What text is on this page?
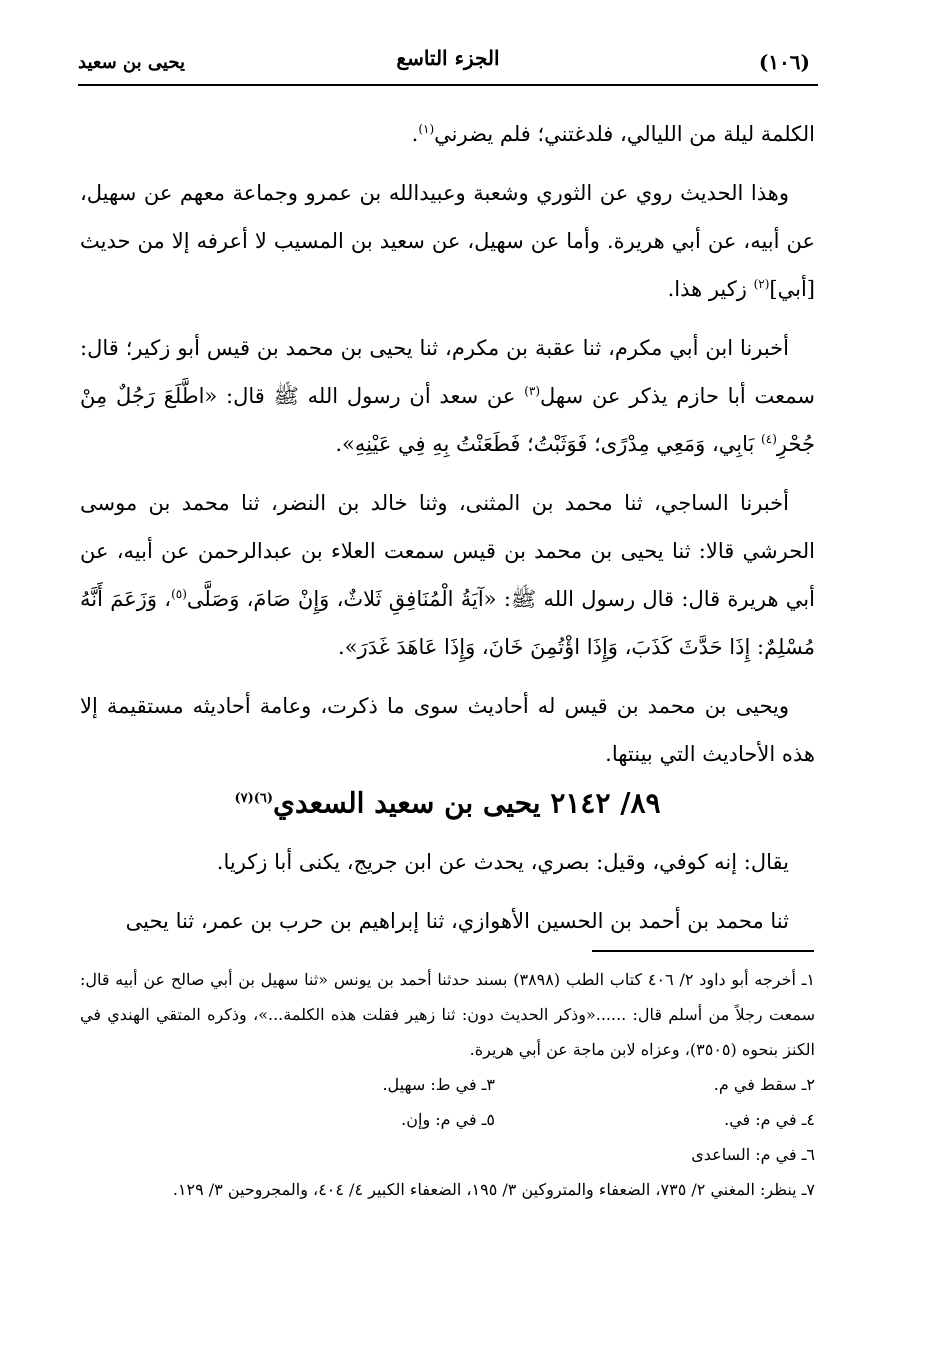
(١٠٦)
الجزء التاسع
يحيى بن سعيد

الكلمة ليلة من الليالي، فلدغتني؛ فلم يضرني$^{(١)}$.

وهذا الحديث روي عن الثوري وشعبة وعبيدالله بن عمرو وجماعة معهم عن سهيل، عن أبيه، عن أبي هريرة. وأما عن سهيل، عن سعيد بن المسيب لا أعرفه إلا من حديث [أبي]$^{(٢)}$ زكير هذا.

أخبرنا ابن أبي مكرم، ثنا عقبة بن مكرم، ثنا يحيى بن محمد بن قيس أبو زكير؛ قال: سمعت أبا حازم يذكر عن سهل$^{(٣)}$ عن سعد أن رسول الله ﷺ قال: «اطَّلَعَ رَجُلٌ مِنْ جُحْرِ$^{(٤)}$ بَابِي، وَمَعِي مِدْرًى؛ فَوَثَبْتُ؛ فَطَعَنْتُ بِهِ فِي عَيْنِهِ».

أخبرنا الساجي، ثنا محمد بن المثنى، وثنا خالد بن النضر، ثنا محمد بن موسى الحرشي قالا: ثنا يحيى بن محمد بن قيس سمعت العلاء بن عبدالرحمن عن أبيه، عن أبي هريرة قال: قال رسول الله ﷺ: «آيَةُ الْمُنَافِقِ ثَلاثٌ، وَإِنْ صَامَ، وَصَلَّى$^{(٥)}$، وَزَعَمَ أَنَّهُ مُسْلِمٌ: إِذَا حَدَّثَ كَذَبَ، وَإِذَا اؤْتُمِنَ خَانَ، وَإِذَا عَاهَدَ غَدَرَ».

ويحيى بن محمد بن قيس له أحاديث سوى ما ذكرت، وعامة أحاديثه مستقيمة إلا هذه الأحاديث التي بينتها.

٨٩/ ٢١٤٢ يحيى بن سعيد السعدي$^{(٦)(٧)}$

يقال: إنه كوفي، وقيل: بصري، يحدث عن ابن جريج، يكنى أبا زكريا.

ثنا محمد بن أحمد بن الحسين الأهوازي، ثنا إبراهيم بن حرب بن عمر، ثنا يحيى

١ـ أخرجه أبو داود ٢/ ٤٠٦ كتاب الطب (٣٨٩٨) بسند حدثنا أحمد بن يونس «ثنا سهيل بن أبي صالح عن أبيه قال: سمعت رجلاً من أسلم قال: ......«وذكر الحديث دون: ثنا زهير فقلت هذه الكلمة...»، وذكره المتقي الهندي في الكنز بنحوه (٣٥٠٥)، وعزاه لابن ماجة عن أبي هريرة.

٢ـ سقط في م.
٣ـ في ط: سهيل.
٤ـ في م: في.
٥ـ في م: وإن.

٦ـ في م: الساعدى

٧ـ ينظر: المغني ٢/ ٧٣٥، الضعفاء والمتروكين ٣/ ١٩٥، الضعفاء الكبير ٤/ ٤٠٤، والمجروحين ٣/ ١٢٩.
